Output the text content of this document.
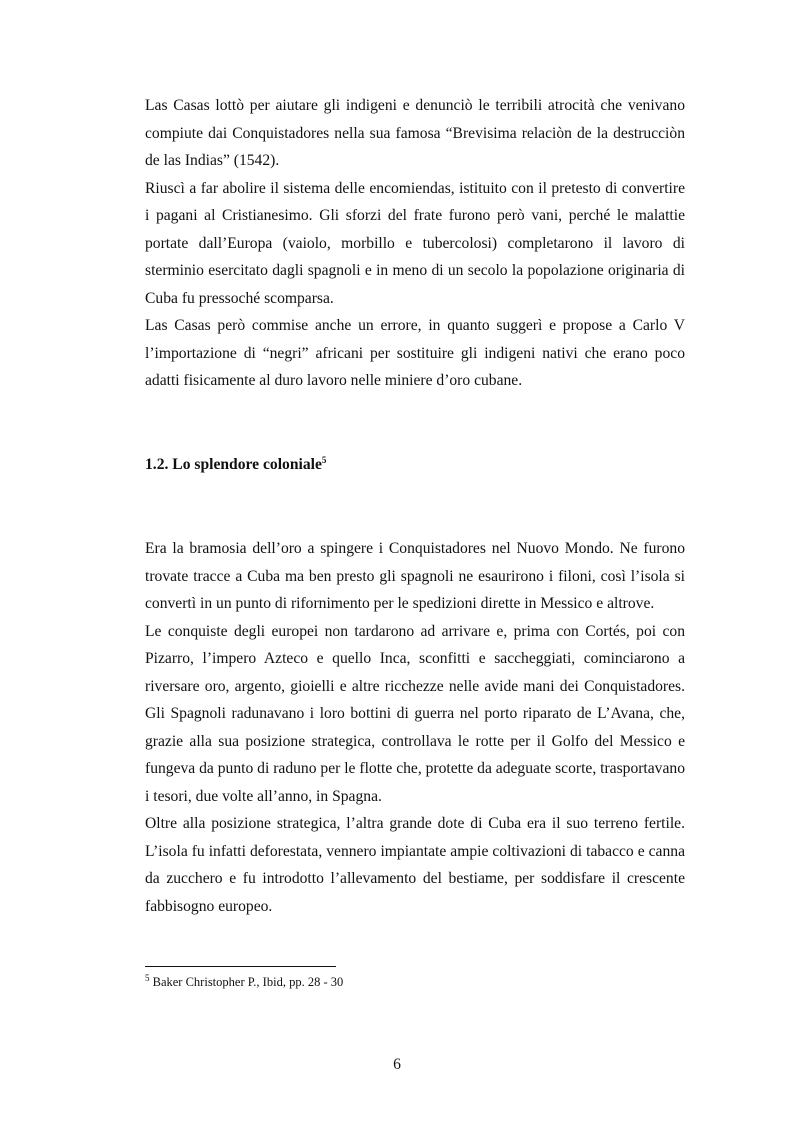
Las Casas lottò per aiutare gli indigeni e denunciò le terribili atrocità che venivano compiute dai Conquistadores nella sua famosa “Brevisima relaciòn de la destrucciòn de las Indias” (1542).

Riuscì a far abolire il sistema delle encomiendas, istituito con il pretesto di convertire i pagani al Cristianesimo. Gli sforzi del frate furono però vani, perché le malattie portate dall’Europa (vaiolo, morbillo e tubercolosi) completarono il lavoro di sterminio esercitato dagli spagnoli e in meno di un secolo la popolazione originaria di Cuba fu pressoché scomparsa.

Las Casas però commise anche un errore, in quanto suggerì e propose a Carlo V l’importazione di “negri” africani per sostituire gli indigeni nativi che erano poco adatti fisicamente al duro lavoro nelle miniere d’oro cubane.

1.2. Lo splendore coloniale$^5$

Era la bramosia dell’oro a spingere i Conquistadores nel Nuovo Mondo. Ne furono trovate tracce a Cuba ma ben presto gli spagnoli ne esaurirono i filoni, così l’isola si convertì in un punto di rifornimento per le spedizioni dirette in Messico e altrove.

Le conquiste degli europei non tardarono ad arrivare e, prima con Cortés, poi con Pizarro, l’impero Azteco e quello Inca, sconfitti e saccheggiati, cominciarono a riversare oro, argento, gioielli e altre ricchezze nelle avide mani dei Conquistadores. Gli Spagnoli radunavano i loro bottini di guerra nel porto riparato de L’Avana, che, grazie alla sua posizione strategica, controllava le rotte per il Golfo del Messico e fungeva da punto di raduno per le flotte che, protette da adeguate scorte, trasportavano i tesori, due volte all’anno, in Spagna.

Oltre alla posizione strategica, l’altra grande dote di Cuba era il suo terreno fertile. L’isola fu infatti deforestata, vennero impiantate ampie coltivazioni di tabacco e canna da zucchero e fu introdotto l’allevamento del bestiame, per soddisfare il crescente fabbisogno europeo.

$^5$ Baker Christopher P., Ibid, pp. 28 - 30

6
